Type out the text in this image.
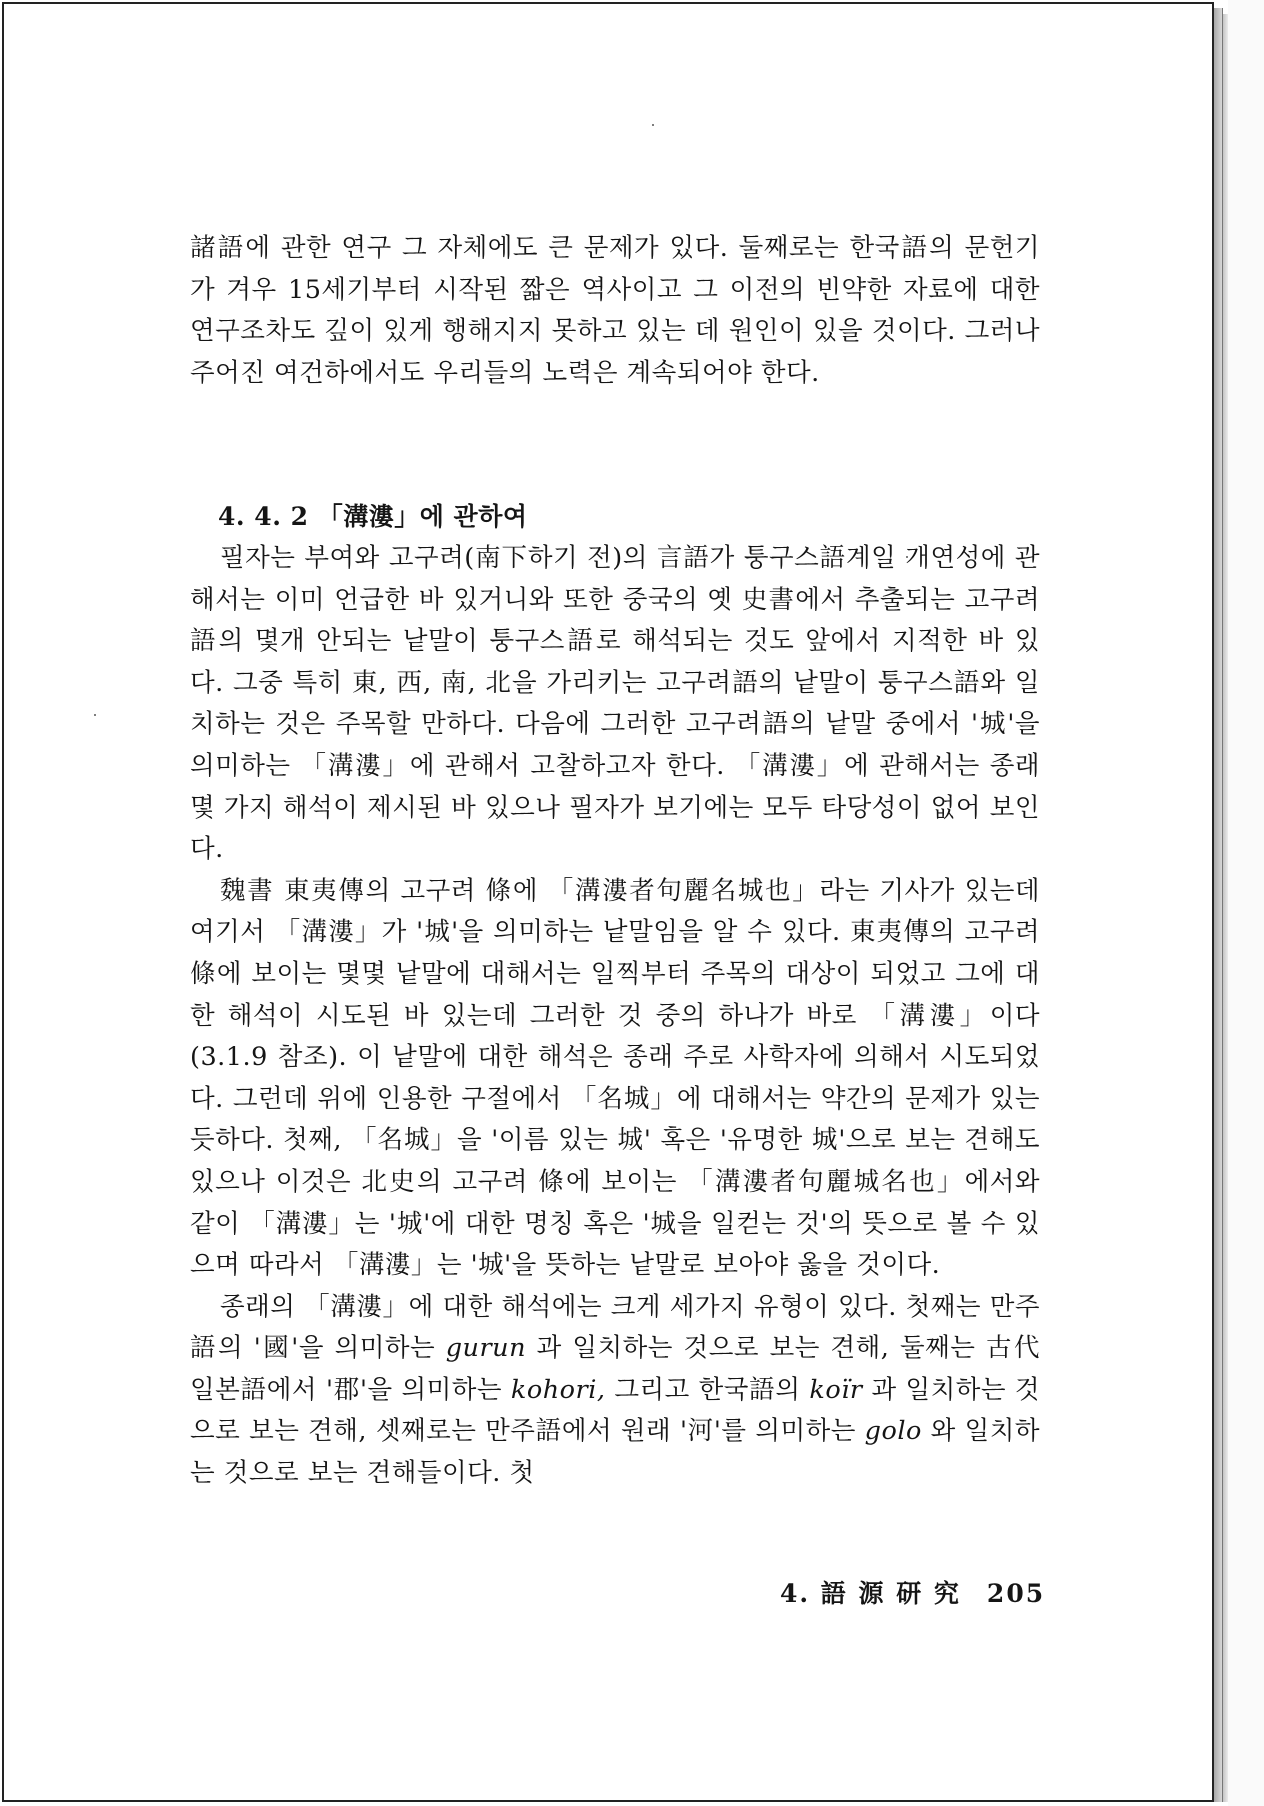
諸語에 관한 연구 그 자체에도 큰 문제가 있다. 둘째로는 한국語의 문헌기가 겨우 15세기부터 시작된 짧은 역사이고 그 이전의 빈약한 자료에 대한 연구조차도 깊이 있게 행해지지 못하고 있는 데 원인이 있을 것이다. 그러나 주어진 여건하에서도 우리들의 노력은 계속되어야 한다.

4. 4. 2 「溝漊」에 관하여

필자는 부여와 고구려(南下하기 전)의 言語가 퉁구스語계일 개연성에 관해서는 이미 언급한 바 있거니와 또한 중국의 옛 史書에서 추출되는 고구려語의 몇개 안되는 낱말이 퉁구스語로 해석되는 것도 앞에서 지적한 바 있다. 그중 특히 東, 西, 南, 北을 가리키는 고구려語의 낱말이 퉁구스語와 일치하는 것은 주목할 만하다. 다음에 그러한 고구려語의 낱말 중에서 '城'을 의미하는 「溝漊」에 관해서 고찰하고자 한다. 「溝漊」에 관해서는 종래 몇 가지 해석이 제시된 바 있으나 필자가 보기에는 모두 타당성이 없어 보인다.

魏書 東夷傳의 고구려 條에 「溝漊者句麗名城也」라는 기사가 있는데 여기서 「溝漊」가 '城'을 의미하는 낱말임을 알 수 있다. 東夷傳의 고구려 條에 보이는 몇몇 낱말에 대해서는 일찍부터 주목의 대상이 되었고 그에 대한 해석이 시도된 바 있는데 그러한 것 중의 하나가 바로 「溝漊」이다(3.1.9 참조). 이 낱말에 대한 해석은 종래 주로 사학자에 의해서 시도되었다. 그런데 위에 인용한 구절에서 「名城」에 대해서는 약간의 문제가 있는 듯하다. 첫째, 「名城」을 '이름 있는 城' 혹은 '유명한 城'으로 보는 견해도 있으나 이것은 北史의 고구려 條에 보이는 「溝漊者句麗城名也」에서와 같이 「溝漊」는 '城'에 대한 명칭 혹은 '城을 일컫는 것'의 뜻으로 볼 수 있으며 따라서 「溝漊」는 '城'을 뜻하는 낱말로 보아야 옳을 것이다.

종래의 「溝漊」에 대한 해석에는 크게 세가지 유형이 있다. 첫째는 만주語의 '國'을 의미하는 gurun 과 일치하는 것으로 보는 견해, 둘째는 古代 일본語에서 '郡'을 의미하는 kohori, 그리고 한국語의 koïr 과 일치하는 것으로 보는 견해, 셋째로는 만주語에서 원래 '河'를 의미하는 golo 와 일치하는 것으로 보는 견해들이다. 첫

4. 語 源 研 究 205
